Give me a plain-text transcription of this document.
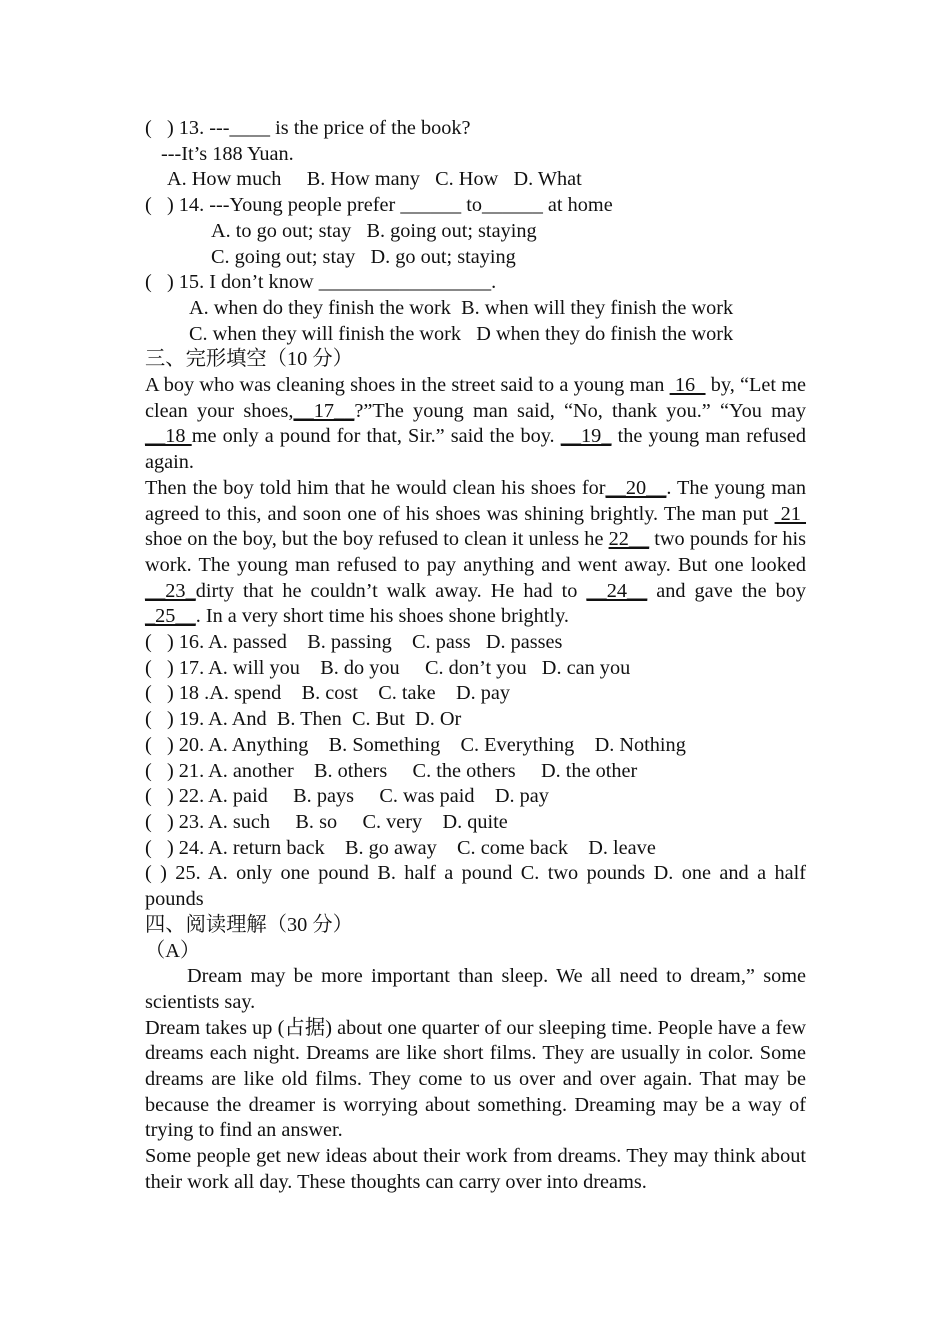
(   ) 13. ---____ is the price of the book?
---It’s 188 Yuan.
A. How much     B. How many   C. How   D. What
(   ) 14. ---Young people prefer ______ to______ at home
A. to go out; stay   B. going out; staying
C. going out; stay   D. go out; staying
(   ) 15. I don’t know _________________.
A. when do they finish the work  B. when will they finish the work
C. when they will finish the work   D when they do finish the work
三、完形填空（10 分）
A boy who was cleaning shoes in the street said to a young man  16   by, “Let me clean your shoes,__17__?”The young man said, “No, thank you.” “You may __18 me only a pound for that, Sir.” said the boy. __19_ the young man refused again.
Then the boy told him that he would clean his shoes for__20__. The young man agreed to this, and soon one of his shoes was shining brightly. The man put  21  shoe on the boy, but the boy refused to clean it unless he 22__ two pounds for his work. The young man refused to pay anything and went away. But one looked __23_dirty that he couldn’t walk away. He had to __24__ and gave the boy _25__. In a very short time his shoes shone brightly.
(   ) 16. A. passed    B. passing    C. pass   D. passes
(   ) 17. A. will you    B. do you     C. don’t you   D. can you
(   ) 18 .A. spend    B. cost    C. take    D. pay
(   ) 19. A. And  B. Then  C. But  D. Or
(   ) 20. A. Anything    B. Something    C. Everything    D. Nothing
(   ) 21. A. another    B. others     C. the others     D. the other
(   ) 22. A. paid     B. pays     C. was paid    D. pay
(   ) 23. A. such     B. so     C. very    D. quite
(   ) 24. A. return back    B. go away    C. come back    D. leave
( ) 25. A. only one pound B. half a pound C. two pounds D. one and a half pounds
四、阅读理解（30 分）
（A）
Dream may be more important than sleep. We all need to dream,” some scientists say.
Dream takes up (占据) about one quarter of our sleeping time. People have a few dreams each night. Dreams are like short films. They are usually in color. Some dreams are like old films. They come to us over and over again. That may be because the dreamer is worrying about something. Dreaming may be a way of trying to find an answer.
Some people get new ideas about their work from dreams. They may think about their work all day. These thoughts can carry over into dreams.
